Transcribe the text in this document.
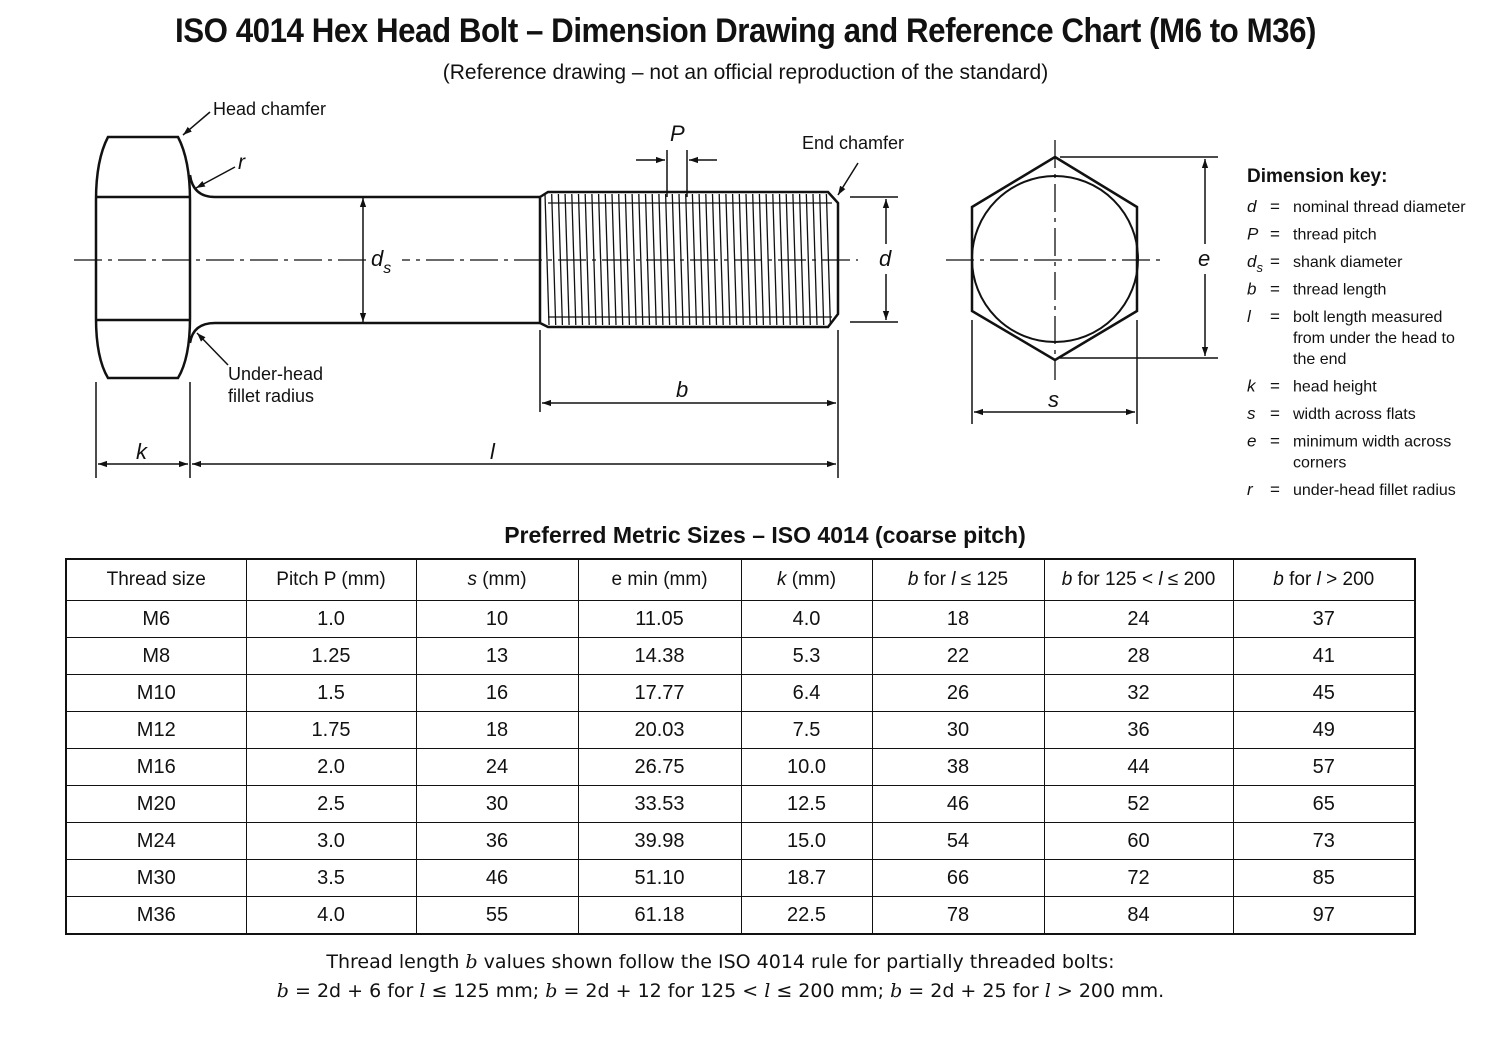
ISO 4014 Hex Head Bolt – Dimension Drawing and Reference Chart (M6 to M36)
(Reference drawing – not an official reproduction of the standard)
Head chamfer
r
Under-head
fillet radius
P	End chamfer
$d_s$	d
b
k	l
e
s
Dimension key:
d = nominal thread diameter
P = thread pitch
$d_s$ = shank diameter
b = thread length
l = bolt length measured
from under the head to
the end
k = head height
s = width across flats
e = minimum width across
corners
r = under-head fillet radius
Preferred Metric Sizes – ISO 4014 (coarse pitch)
Thread size	Pitch P (mm)	s (mm)	e min (mm)	k (mm)	b for l ≤ 125	b for 125 < l ≤ 200	b for l > 200
M6	1.0	10	11.05	4.0	18	24	37
M8	1.25	13	14.38	5.3	22	28	41
M10	1.5	16	17.77	6.4	26	32	45
M12	1.75	18	20.03	7.5	30	36	49
M16	2.0	24	26.75	10.0	38	44	57
M20	2.5	30	33.53	12.5	46	52	65
M24	3.0	36	39.98	15.0	54	60	73
M30	3.5	46	51.10	18.7	66	72	85
M36	4.0	55	61.18	22.5	78	84	97
Thread length b values shown follow the ISO 4014 rule for partially threaded bolts:
b = 2d + 6 for l ≤ 125 mm; b = 2d + 12 for 125 < l ≤ 200 mm; b = 2d + 25 for l > 200 mm.
